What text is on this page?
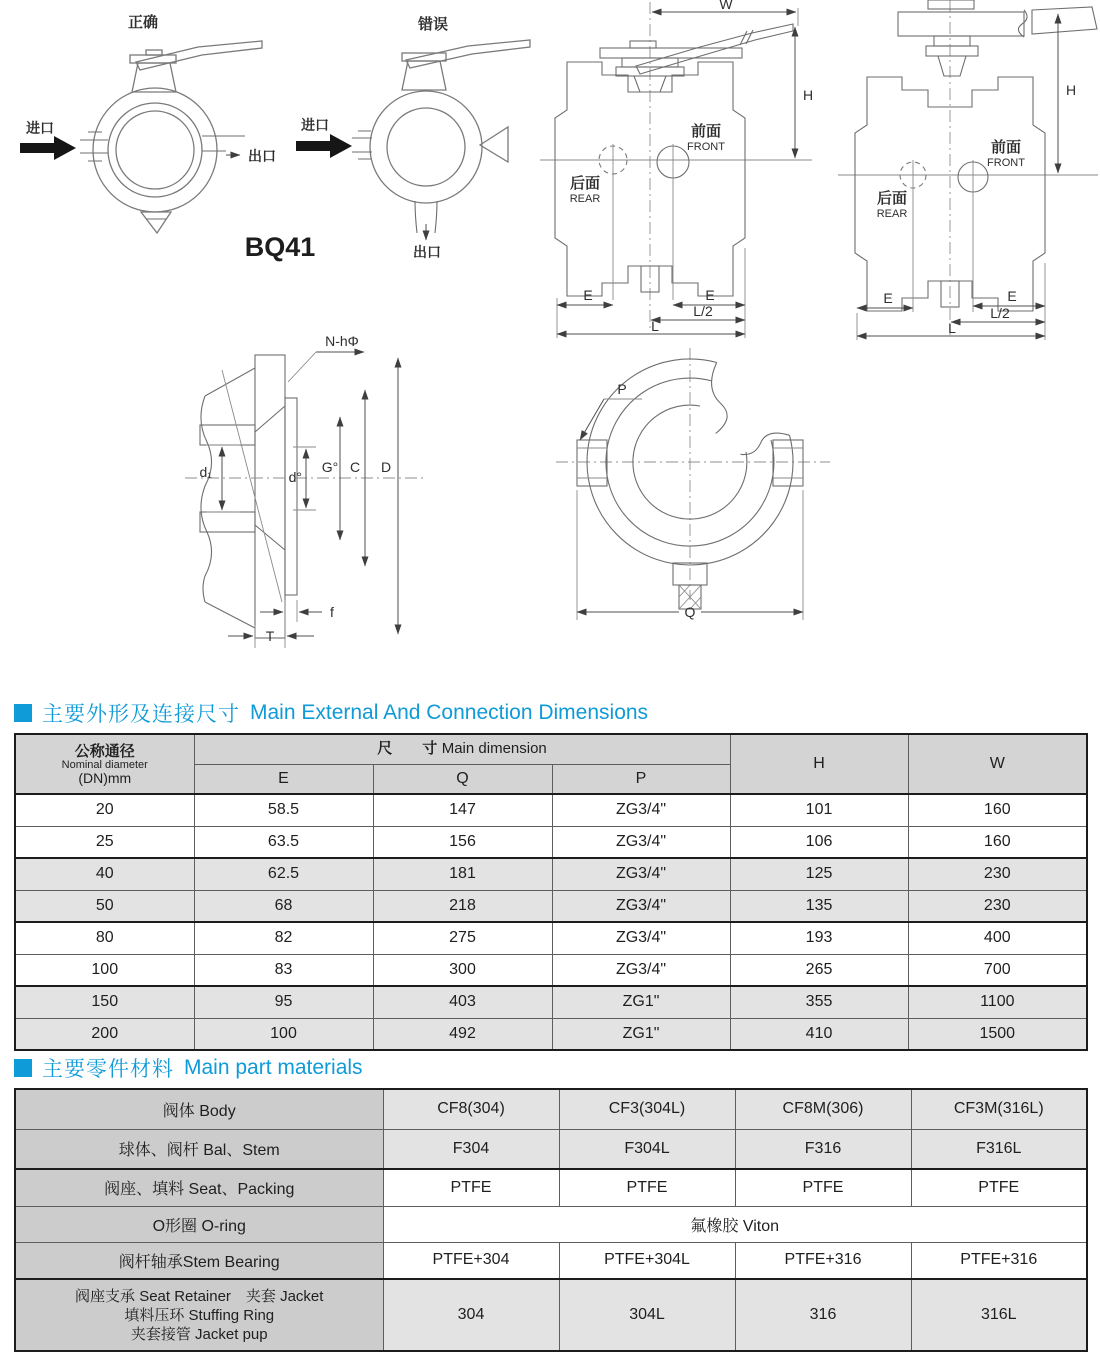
正确
出口
进口
错误
出口
进口
BQ41
W
前面
FRONT
后面
REAR
H
E	E
L/2
L
前面
FRONT
后面
REAR
H
E	E
L/2
L
N-hΦ
d₁	d°
G° C D
f
T
P
Q
主要外形及连接尺寸 Main External And Connection Dimensions
公称通径
Nominal diameter
(DN)mm	尺　　寸 Main dimension			H	W
	E	Q	P		
20	58.5	147	ZG3/4"	101	160
25	63.5	156	ZG3/4"	106	160
40	62.5	181	ZG3/4"	125	230
50	68	218	ZG3/4"	135	230
80	82	275	ZG3/4"	193	400
100	83	300	ZG3/4"	265	700
150	95	403	ZG1"	355	1100
200	100	492	ZG1"	410	1500
主要零件材料 Main part materials
阀体 Body	CF8(304)	CF3(304L)	CF8M(306)	CF3M(316L)
球体、阀杆 Bal、Stem	F304	F304L	F316	F316L
阀座、填料 Seat、Packing	PTFE	PTFE	PTFE	PTFE
O形圈 O-ring	氟橡胶 Viton			
阀杆轴承Stem Bearing	PTFE+304	PTFE+304L	PTFE+316	PTFE+316

阀座支承 Seat Retainer　夹套 Jacket
填料压环 Stuffing Ring
夹套接管 Jacket pup	304	304L	316	316L
